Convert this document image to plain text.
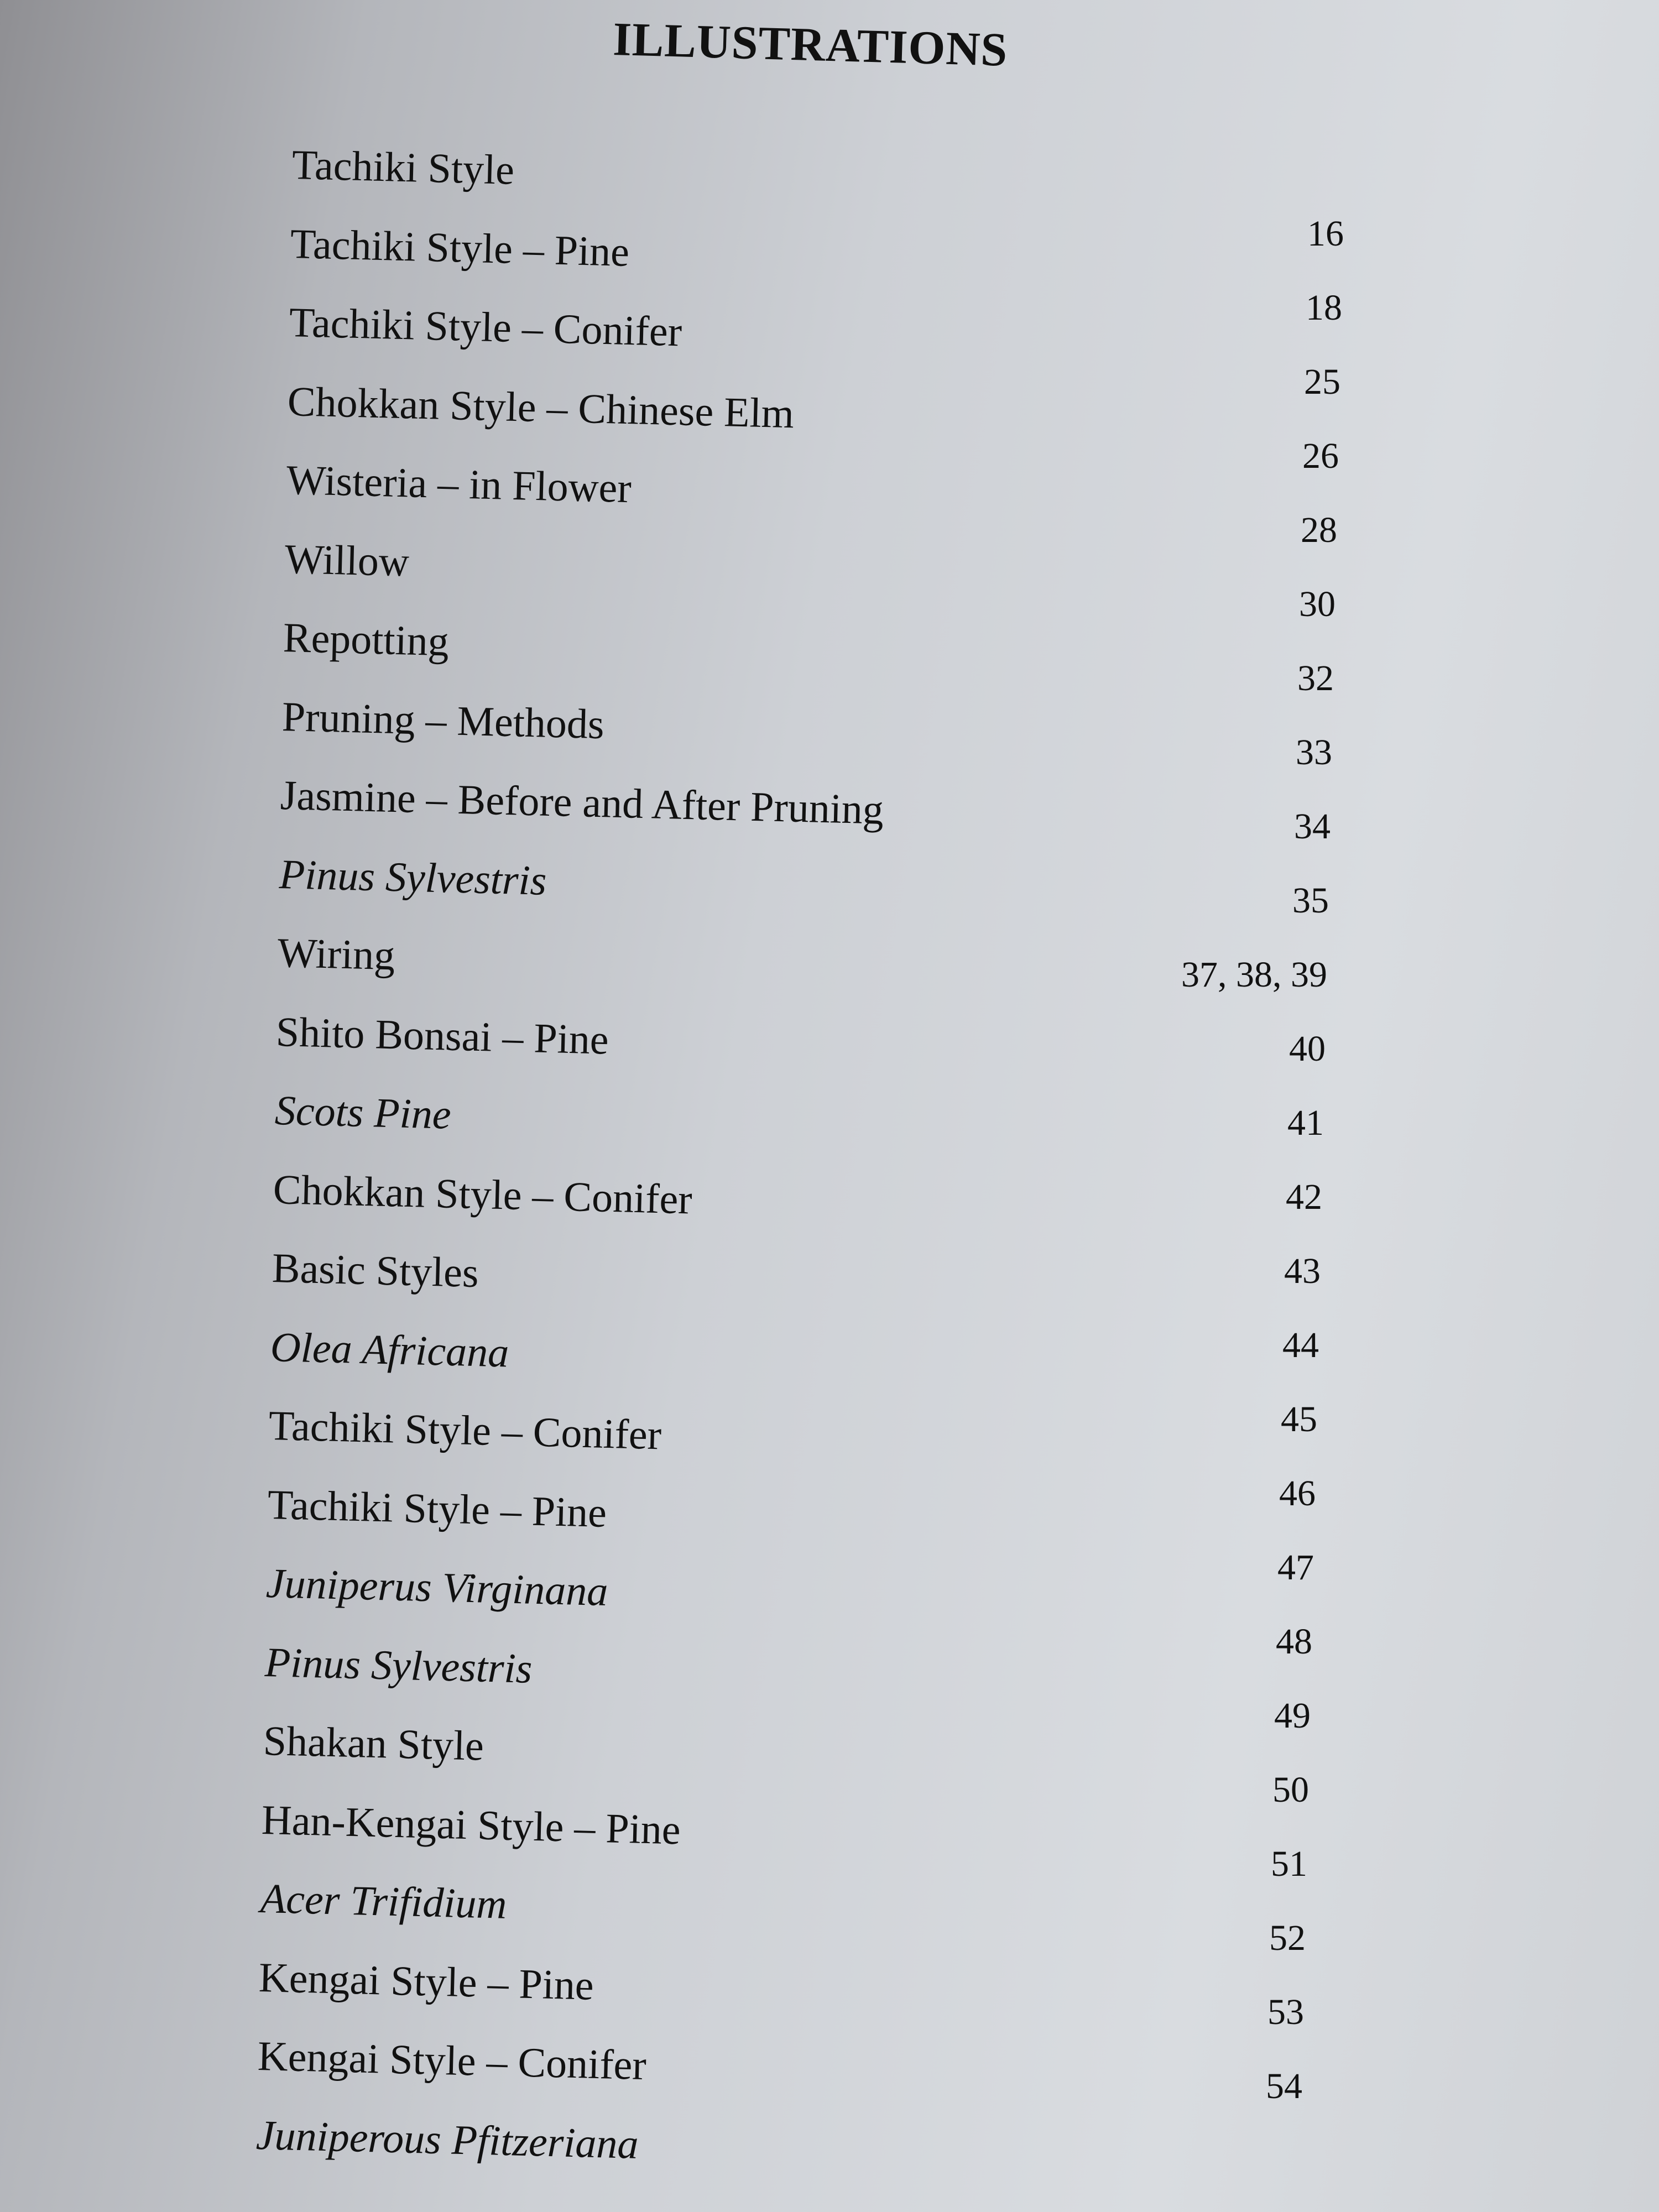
ILLUSTRATIONS
Tachiki Style
Tachiki Style – Pine
Tachiki Style – Conifer
Chokkan Style – Chinese Elm
Wisteria – in Flower
Willow
Repotting
Pruning – Methods
Jasmine – Before and After Pruning
Pinus Sylvestris
Wiring
Shito Bonsai – Pine
Scots Pine
Chokkan Style – Conifer
Basic Styles
Olea Africana
Tachiki Style – Conifer
Tachiki Style – Pine
Juniperus Virginana
Pinus Sylvestris
Shakan Style
Han-Kengai Style – Pine
Acer Trifidium
Kengai Style – Pine
Kengai Style – Conifer
Juniperous Pfitzeriana
16
18
25
26
28
30
32
33
34
35
37, 38, 39
40
41
42
43
44
45
46
47
48
49
50
51
52
53
54
